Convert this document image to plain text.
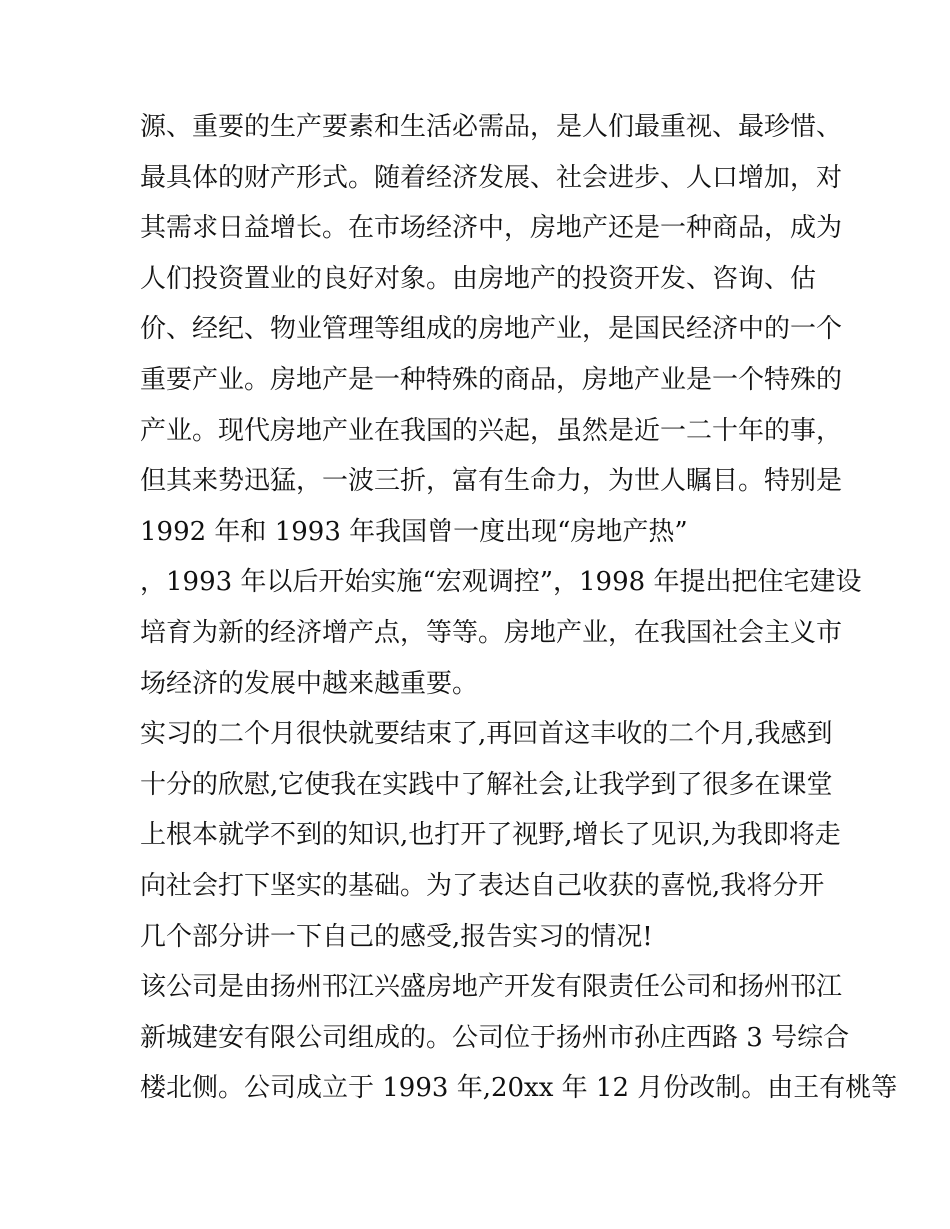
源、重要的生产要素和生活必需品，是人们最重视、最珍惜、
最具体的财产形式。随着经济发展、社会进步、人口增加，对
其需求日益增长。在市场经济中，房地产还是一种商品，成为
人们投资置业的良好对象。由房地产的投资开发、咨询、估
价、经纪、物业管理等组成的房地产业，是国民经济中的一个
重要产业。房地产是一种特殊的商品，房地产业是一个特殊的
产业。现代房地产业在我国的兴起，虽然是近一二十年的事，
但其来势迅猛，一波三折，富有生命力，为世人瞩目。特别是
1992 年和 1993 年我国曾一度出现“房地产热”
，1993 年以后开始实施“宏观调控”，1998 年提出把住宅建设
培育为新的经济增产点，等等。房地产业，在我国社会主义市
场经济的发展中越来越重要。
实习的二个月很快就要结束了,再回首这丰收的二个月,我感到
十分的欣慰,它使我在实践中了解社会,让我学到了很多在课堂
上根本就学不到的知识,也打开了视野,增长了见识,为我即将走
向社会打下坚实的基础。为了表达自己收获的喜悦,我将分开
几个部分讲一下自己的感受,报告实习的情况!
该公司是由扬州邗江兴盛房地产开发有限责任公司和扬州邗江
新城建安有限公司组成的。公司位于扬州市孙庄西路 3 号综合
楼北侧。公司成立于 1993 年,20xx 年 12 月份改制。由王有桃等
